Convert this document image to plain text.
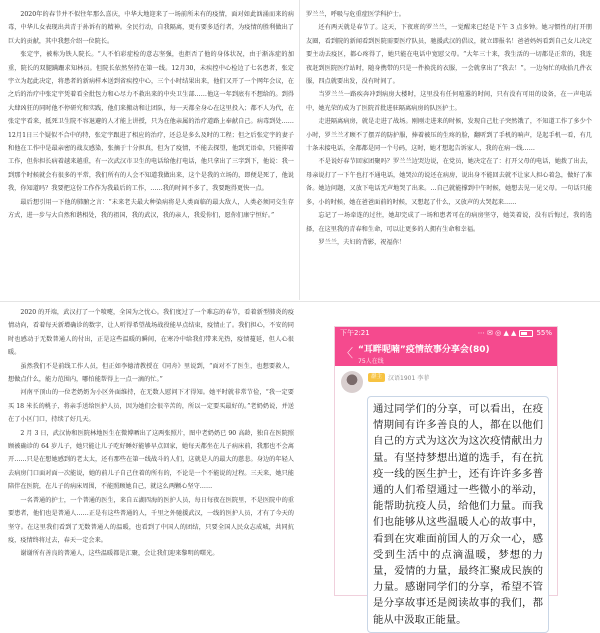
2020年的春节并不似往年那么喜庆，中华大地迎来了一场前所未有的疫情，面对如此汹涌而来的病毒，中华儿女表现出共青于孙诉有的精神。全民行动，自我隔离，更有要多适行者，为疫情的胜利做出了巨大的贡献，其中我想介绍一位院长。

张定宇，被称为铁人院长。“人不怕彩症检的意志坚强，也拒否了他的身体状况，由于渐冻症的加重，院长的双腿蹒跚求知林员。但院长依然坚持在第一线。12月30，未疾控中心检边了七名患者，张定宇立为起此决定，将患者的新病样本送到省疾控中心，三个小时结果出来，他们又开了一个网年会议，在之后的治疗中张定宇凭着看全批包力和心尽力不救出来的中央卫生部……他这一年到底有不想给的。到得大肆凶狂的同时他不停研究和实践，他们来搬动和让团队，每一天都全身心在这里投入；都不人为代，在张定宇看来，抵死卫生院不容退避的人才能上讲授，只为在他亲属的治疗道路上奉献自己。病毒到处……12月1日三个疑似不合中的特，张定宇跟进了相应的治疗，还总是多么及时的工程；但之后张定宇的妻子和他在工作中是最亲密的战友感染，张摘于十分担真，但为了疫情，不能去探望，他到无语牵，只能抑着工作，但你担长病着越来越重，有一次武汉市卫生的电话给他打电话，他只拿出了三字到下，他说：我一到那个时候就会有很多的平常，我们所有的人会不知道我做出来，这个是我的立场的，即便是死了，他说我，你知道吗？我要把这份工作作为我最后的工作，……我的时间不多了，我要跑得更快一点。

最后想引用一下他的肺腑之言：“未来老夫最大种染病将是人类面临的最大敌人，人类必须同交生存方式，进一步与大自然和谐相处，我的祖国，我的武汉，我的亲人，我爱你们，愿你们康宁恒好。”

罗兰兰，呼吸与危重症医学科护士。

还有两天就是春节了。这天，下夜班的罗兰兰，一觉醒来已经是下午 3 点多钟。她习惯性的打开朋友圈，看到院的新闻看到医院需要医疗队员，驰援武汉的倡议，就立即报名！爸爸妈妈看到自己女儿决定要主动去疫区，都心疼得了，她只能在电话中宽慰父母。“大年三十来，我生活的一切都是正常的，我连夜赶到医院医疗站时，随身携带的只是一件换洗的衣服，一会就拿出了“我去！”。一边匆忙的收拾几件衣服，四点就要出发，没有时间了。

当罗兰兰一路疾奔冲到病房大楼时，这里没有任何喧嚣的时间，只有没有可用的设备，在一声电话中，她光荣的成为了医院首批进驻隔离病房的队医护士。

走进隔离病房，就是走进了战场。刚刚走进来的时候，发现自己肚子突然饿了，不知道工作了多少个小时，罗兰兰才顾不了摆弄的防护服，捧着被压的生疼的脸，翻听到了手机的响声，是起手机一看，有几十条未接电话，全都都是同一个号码，这时，她才想起告诉家人，我的在病一线……

不是说好春节回家团聚吗？罗兰兰边哭边说，在党员，她决定在了：打开父母的电话，她拨了出去，母亲说打了一下午也打不通电话，她哭泣的说还在病房，说出身不能回去就不让家人担心着急，做好了准备。她边问题，又放下电话无声地哭了出来。…自己就能撑到中午时候，她想去见一见父母。一句话只能多，小的时候，她在爸爸面前的时候，又想起了什么，又放声的大哭起来……

忘记了一场牵连的过往，她却完成了一场和患者可在的病房坚守，她笑着说，没有后悔过，我的选择，在这里我的青春和生命，可以让更多的人拥有生命和幸福。

罗兰兰，夫妇的背影，祝福你！

2020 的开端，武汉打了一个喷嚏，全国为之忧心。我们度过了一个难忘的春节，看着新型肺炎的疫情动向，看着每天新增确诊的数字，让人听得希望战场战役能早点结束，疫情止了。我们担心，不安的同时也感动于无数普通人的付出，正是这些温暖的瞬间，在寒冷中给我们带来光热，疫情蔓延，但人心很暖。

虽然我们不是前线工作人员，但正如李德清教授在《同舟》里说到，“面对不了医生，也想要救人，想做点什么，能力范围内，哪怕能帮得上一点一滴的忙。”

河南平顶山的一位老奶奶为小区外面维持，在无数人慰问下才得知。她平时就非常节俭，“我一定要买 18 米长的桃子，将亲手送给医护人员，因为她们会很辛苦的，所以一定要买最好的。”老奶奶说，并送在了小区门口，持续了好几天。

2 月 3 日，武汉协和医院林地医生在微博晒出了这两张照片，图中老奶奶已 90 高龄，独自在医院照顾被确诊的 64 岁儿子，她只能让儿子吃好睡好能够早点回家，她每天都坐在儿子病床前，我那也不会离开……只是在想她感到的老太太，还有那些在第一线战斗的人们，这就是人的最大的慈悲。身边的年轻人去病房门口面对面一次能说，她的前儿子自己住着的所有的，不论是一个不能说的过程。三天来，她只能陪伴在医院，在儿子的病床周围，不能照顾她自己，就这么两颗心坚守……

一名普通的护士，一个普通的医生，来自五湖四海的医护人员，每日每夜在医院里，不是医院中的重要患者，他们也是普通人……正是有这些普通的人，千里之外驰援武汉，一线的医护人员，才有了今天的坚守。在这里我们看到了无数普通人的温暖，也看到了中国人的团结，只要全国人民众志成城，共同抗疫，疫情终将过去，春天一定会来。

谢谢所有善良的普通人，这些温暖都是汇聚，会让我们迎来黎明的曙光。

下午2:21	⋯ ✉ ◎ ▲ ▲	55%
〈 “耳畔呢喃”疫情故事分享会(80)
75人在线
群主	汉语1901 李菲
通过同学们的分享，可以看出，在疫情期间有许多善良的人，都在以他们自己的方式为这次为这次疫情献出力量。有坚持梦想出道的选手，有在抗疫一线的医生护士，还有许许多多普通的人们希望通过一些微小的举动，能帮助抗疫人员，给他们力量。而我们也能够从这些温暖人心的故事中，看到在灾难面前国人的万众一心，感受到生活中的点滴温暖，梦想的力量，爱情的力量，最终汇聚成民族的力量。感谢同学们的分享，希望不管是分享故事还是阅读故事的我们，都能从中汲取正能量。
